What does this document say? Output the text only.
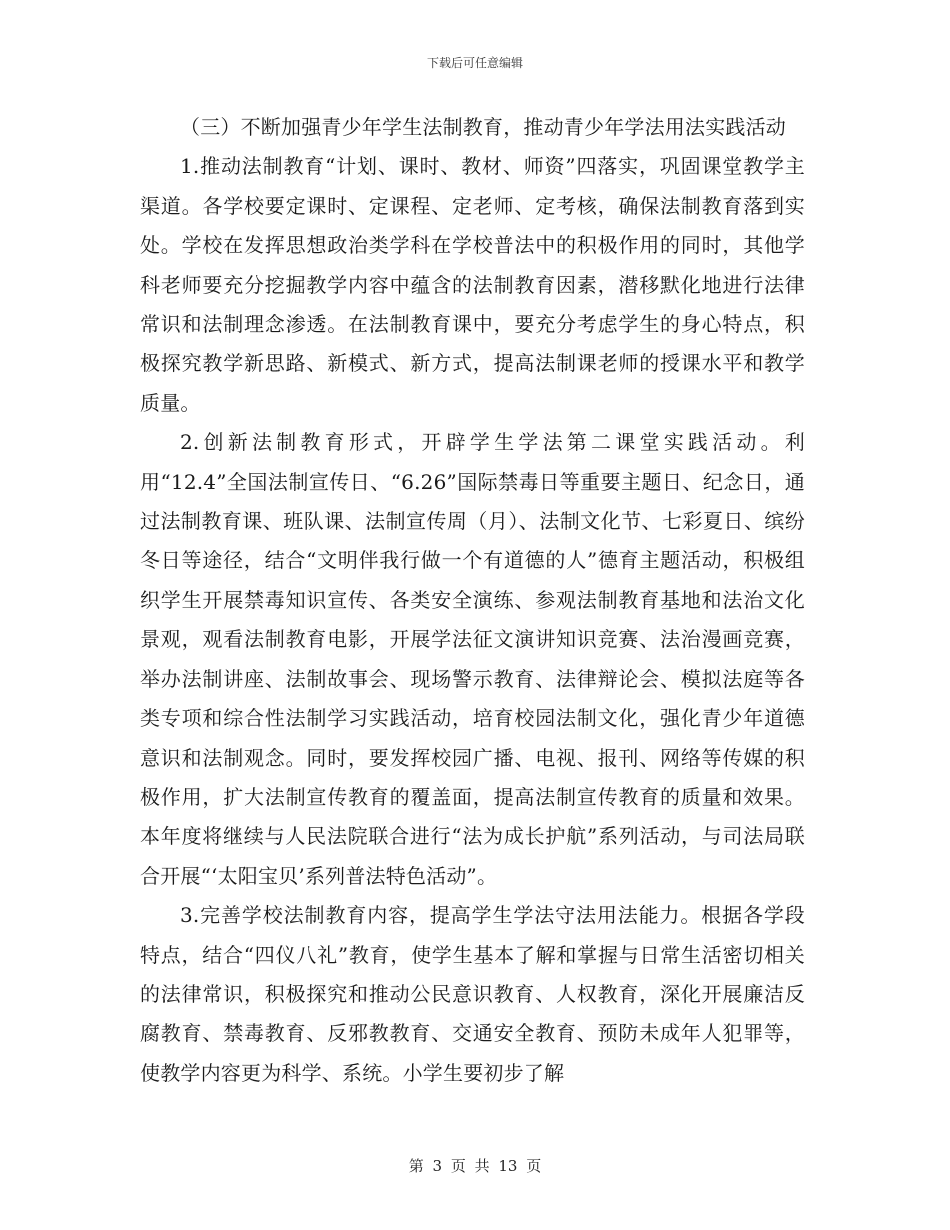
下载后可任意编辑

（三）不断加强青少年学生法制教育，推动青少年学法用法实践活动

1.推动法制教育“计划、课时、教材、师资”四落实，巩固课堂教学主渠道。各学校要定课时、定课程、定老师、定考核，确保法制教育落到实处。学校在发挥思想政治类学科在学校普法中的积极作用的同时，其他学科老师要充分挖掘教学内容中蕴含的法制教育因素，潜移默化地进行法律常识和法制理念渗透。在法制教育课中，要充分考虑学生的身心特点，积极探究教学新思路、新模式、新方式，提高法制课老师的授课水平和教学质量。

2.创新法制教育形式，开辟学生学法第二课堂实践活动。利用“12.4”全国法制宣传日、“6.26”国际禁毒日等重要主题日、纪念日，通过法制教育课、班队课、法制宣传周（月）、法制文化节、七彩夏日、缤纷冬日等途径，结合“文明伴我行做一个有道德的人”德育主题活动，积极组织学生开展禁毒知识宣传、各类安全演练、参观法制教育基地和法治文化景观，观看法制教育电影，开展学法征文演讲知识竞赛、法治漫画竞赛，举办法制讲座、法制故事会、现场警示教育、法律辩论会、模拟法庭等各类专项和综合性法制学习实践活动，培育校园法制文化，强化青少年道德意识和法制观念。同时，要发挥校园广播、电视、报刊、网络等传媒的积极作用，扩大法制宣传教育的覆盖面，提高法制宣传教育的质量和效果。本年度将继续与人民法院联合进行“法为成长护航”系列活动，与司法局联合开展“‘太阳宝贝’系列普法特色活动”。

3.完善学校法制教育内容，提高学生学法守法用法能力。根据各学段特点，结合“四仪八礼”教育，使学生基本了解和掌握与日常生活密切相关的法律常识，积极探究和推动公民意识教育、人权教育，深化开展廉洁反腐教育、禁毒教育、反邪教教育、交通安全教育、预防未成年人犯罪等，使教学内容更为科学、系统。小学生要初步了解

第 3 页 共 13 页
